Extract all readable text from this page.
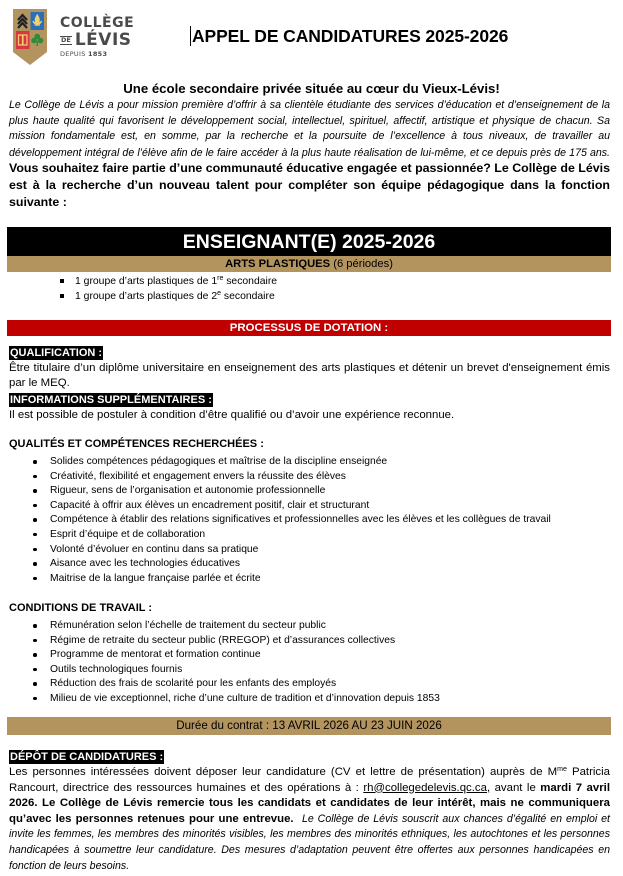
COLLÈGE
DE LÉVIS
DEPUIS 1853
APPEL DE CANDIDATURES 2025-2026
Une école secondaire privée située au cœur du Vieux-Lévis!
Le Collège de Lévis a pour mission première d’offrir à sa clientèle étudiante des services d’éducation et d’enseignement de la plus haute qualité qui favorisent le développement social, intellectuel, spirituel, affectif, artistique et physique de chacun. Sa mission fondamentale est, en somme, par la recherche et la poursuite de l’excellence à tous niveaux, de travailler au développement intégral de l’élève afin de le faire accéder à la plus haute réalisation de lui-même, et ce depuis près de 175 ans. Vous souhaitez faire partie d’une communauté éducative engagée et passionnée? Le Collège de Lévis est à la recherche d’un nouveau talent pour compléter son équipe pédagogique dans la fonction suivante :
ENSEIGNANT(E) 2025-2026
ARTS PLASTIQUES (6 périodes)
1 groupe d’arts plastiques de 1re secondaire
1 groupe d’arts plastiques de 2e secondaire
PROCESSUS DE DOTATION :
QUALIFICATION :
Être titulaire d’un diplôme universitaire en enseignement des arts plastiques et détenir un brevet d'enseignement émis par le MEQ.
INFORMATIONS SUPPLÉMENTAIRES :
Il est possible de postuler à condition d’être qualifié ou d’avoir une expérience reconnue.
QUALITÉS ET COMPÉTENCES RECHERCHÉES :
Solides compétences pédagogiques et maîtrise de la discipline enseignée
Créativité, flexibilité et engagement envers la réussite des élèves
Rigueur, sens de l’organisation et autonomie professionnelle
Capacité à offrir aux élèves un encadrement positif, clair et structurant
Compétence à établir des relations significatives et professionnelles avec les élèves et les collègues de travail
Esprit d’équipe et de collaboration
Volonté d’évoluer en continu dans sa pratique
Aisance avec les technologies éducatives
Maitrise de la langue française parlée et écrite
CONDITIONS DE TRAVAIL :
Rémunération selon l’échelle de traitement du secteur public
Régime de retraite du secteur public (RREGOP) et d’assurances collectives
Programme de mentorat et formation continue
Outils technologiques fournis
Réduction des frais de scolarité pour les enfants des employés
Milieu de vie exceptionnel, riche d’une culture de tradition et d’innovation depuis 1853
Durée du contrat : 13 AVRIL 2026 AU 23 JUIN 2026
DÉPÔT DE CANDIDATURES :
Les personnes intéressées doivent déposer leur candidature (CV et lettre de présentation) auprès de $M^{me}$ Patricia Rancourt, directrice des ressources humaines et des opérations à : rh@collegedelevis.qc.ca, avant le mardi 7 avril 2026. Le Collège de Lévis remercie tous les candidats et candidates de leur intérêt, mais ne communiquera qu’avec les personnes retenues pour une entrevue. Le Collège de Lévis souscrit aux chances d’égalité en emploi et invite les femmes, les membres des minorités visibles, les membres des minorités ethniques, les autochtones et les personnes handicapées à soumettre leur candidature. Des mesures d’adaptation peuvent être offertes aux personnes handicapées en fonction de leurs besoins.
